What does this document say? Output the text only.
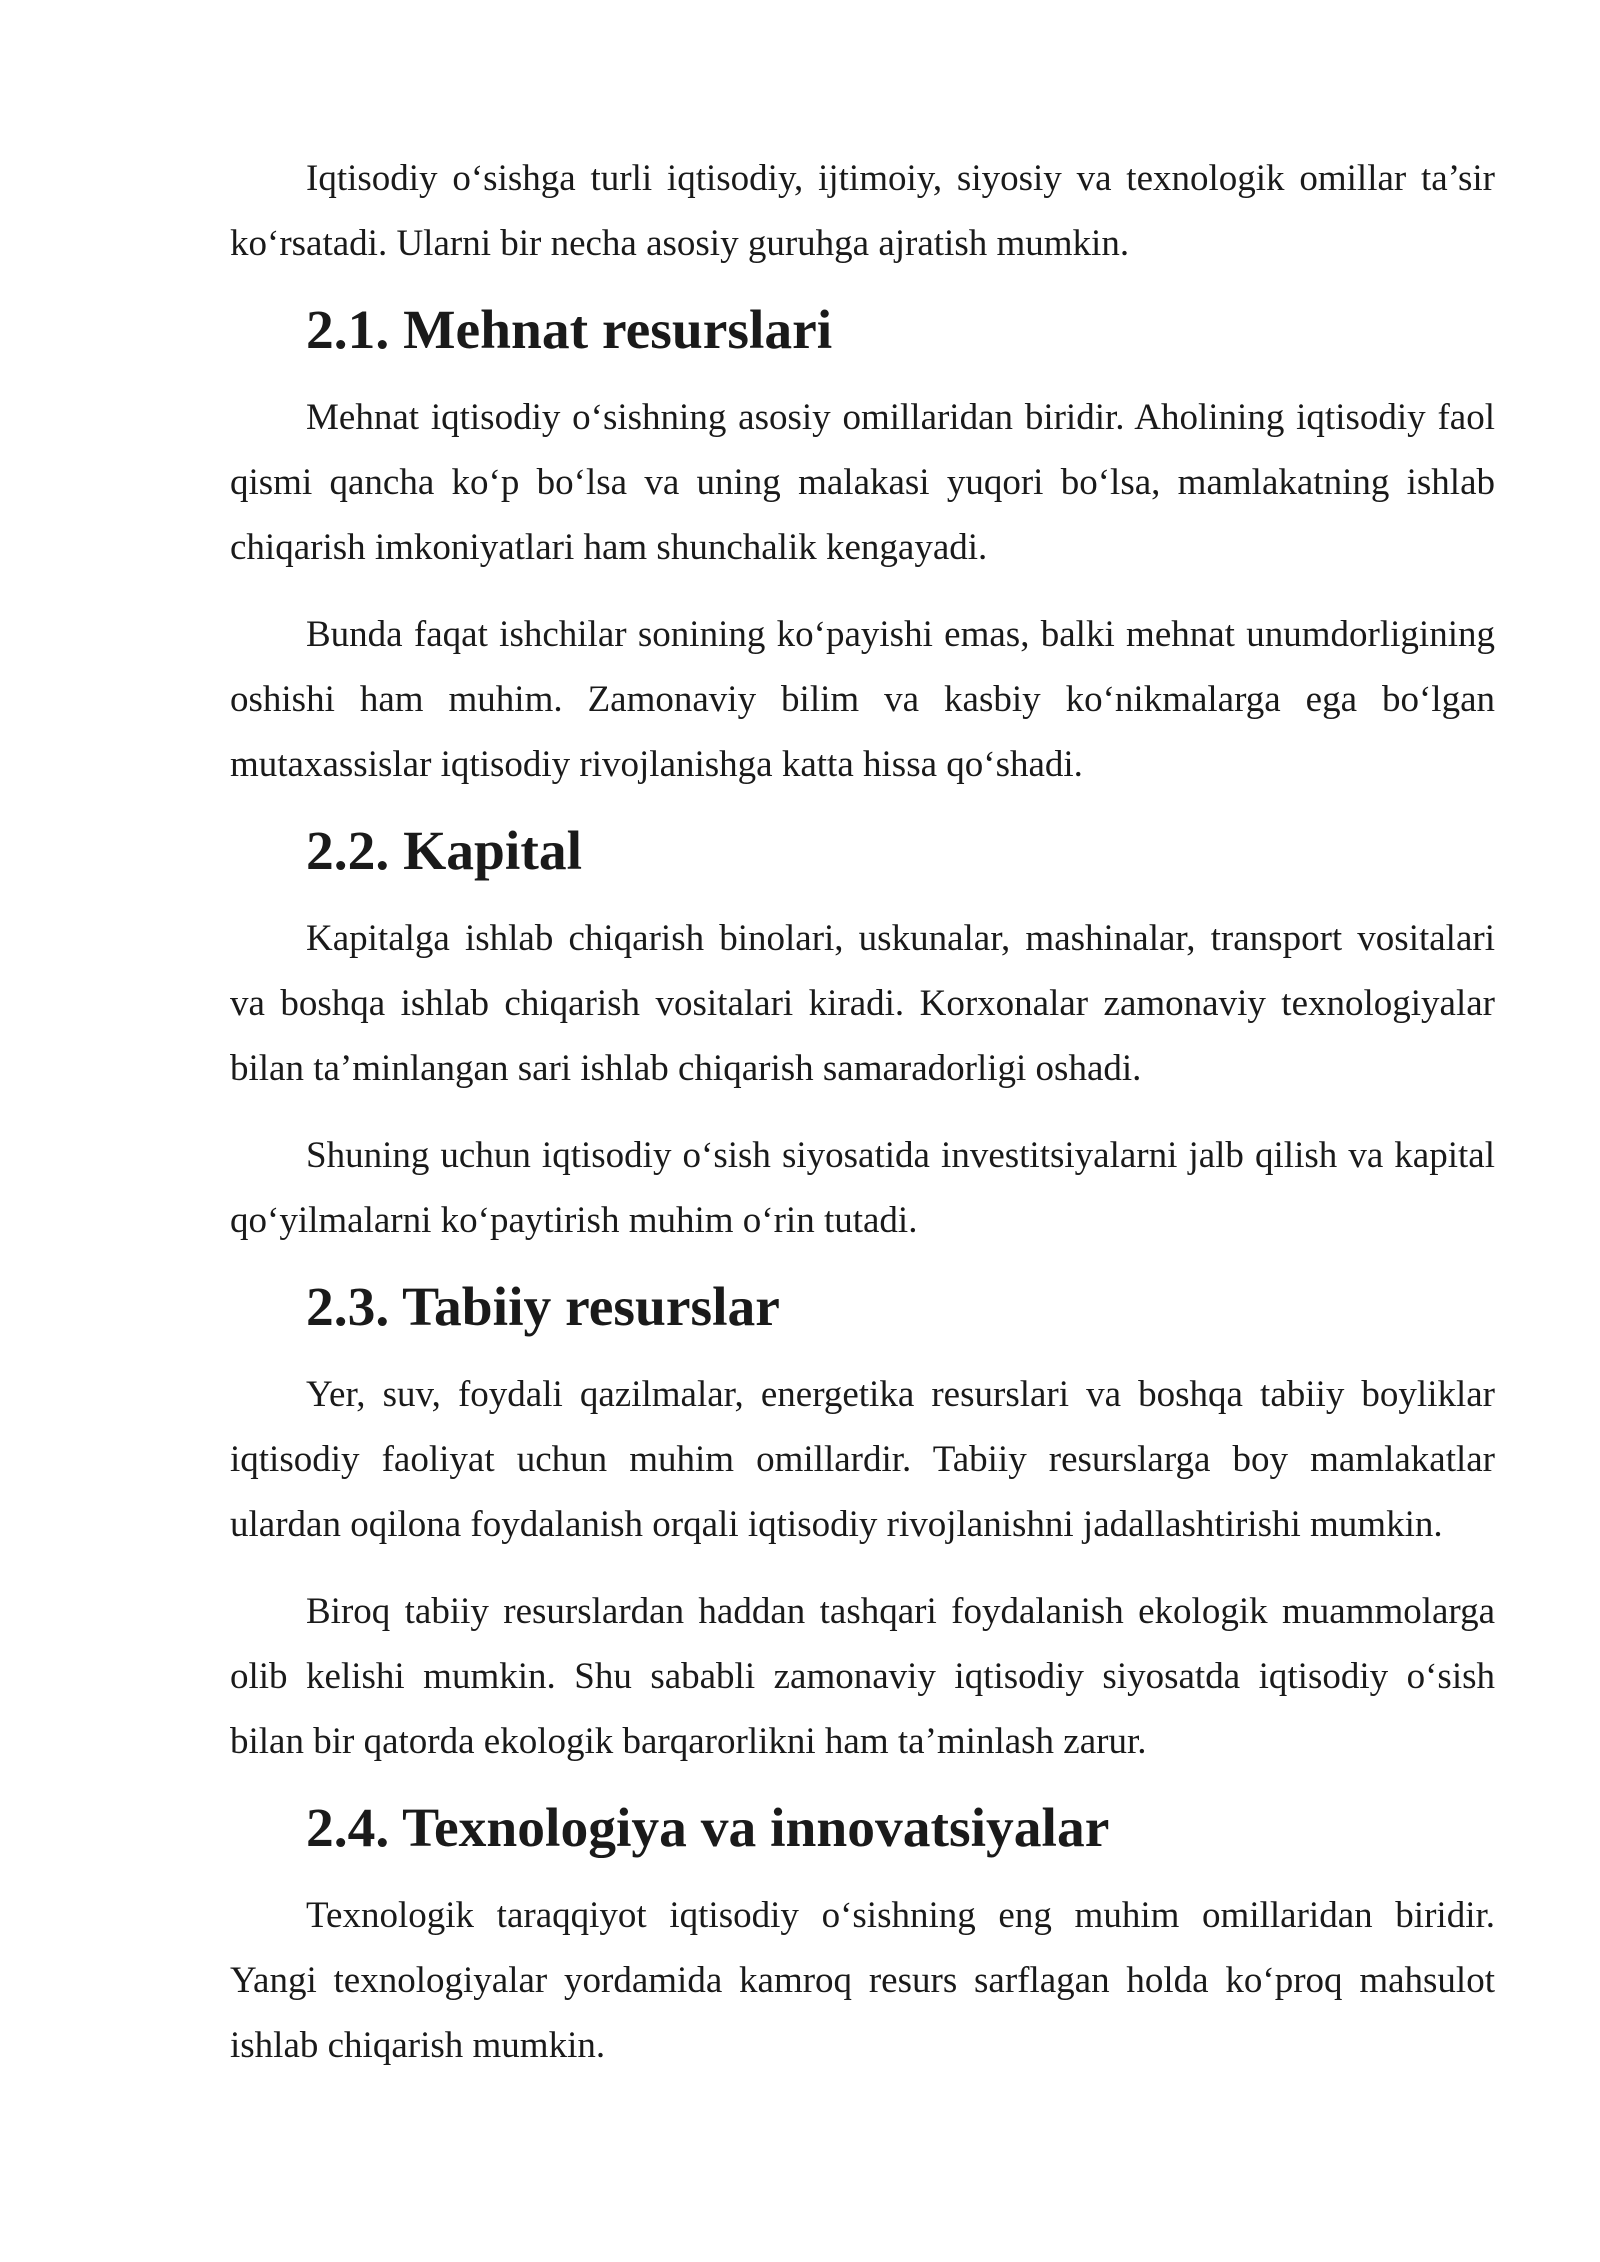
Iqtisodiy o‘sishga turli iqtisodiy, ijtimoiy, siyosiy va texnologik omillar ta’sir ko‘rsatadi. Ularni bir necha asosiy guruhga ajratish mumkin.

2.1. Mehnat resurslari

Mehnat iqtisodiy o‘sishning asosiy omillaridan biridir. Aholining iqtisodiy faol qismi qancha ko‘p bo‘lsa va uning malakasi yuqori bo‘lsa, mamlakatning ishlab chiqarish imkoniyatlari ham shunchalik kengayadi.

Bunda faqat ishchilar sonining ko‘payishi emas, balki mehnat unumdorligining oshishi ham muhim. Zamonaviy bilim va kasbiy ko‘nikmalarga ega bo‘lgan mutaxassislar iqtisodiy rivojlanishga katta hissa qo‘shadi.

2.2. Kapital

Kapitalga ishlab chiqarish binolari, uskunalar, mashinalar, transport vositalari va boshqa ishlab chiqarish vositalari kiradi. Korxonalar zamonaviy texnologiyalar bilan ta’minlangan sari ishlab chiqarish samaradorligi oshadi.

Shuning uchun iqtisodiy o‘sish siyosatida investitsiyalarni jalb qilish va kapital qo‘yilmalarni ko‘paytirish muhim o‘rin tutadi.

2.3. Tabiiy resurslar

Yer, suv, foydali qazilmalar, energetika resurslari va boshqa tabiiy boyliklar iqtisodiy faoliyat uchun muhim omillardir. Tabiiy resurslarga boy mamlakatlar ulardan oqilona foydalanish orqali iqtisodiy rivojlanishni jadallashtirishi mumkin.

Biroq tabiiy resurslardan haddan tashqari foydalanish ekologik muammolarga olib kelishi mumkin. Shu sababli zamonaviy iqtisodiy siyosatda iqtisodiy o‘sish bilan bir qatorda ekologik barqarorlikni ham ta’minlash zarur.

2.4. Texnologiya va innovatsiyalar

Texnologik taraqqiyot iqtisodiy o‘sishning eng muhim omillaridan biridir. Yangi texnologiyalar yordamida kamroq resurs sarflagan holda ko‘proq mahsulot ishlab chiqarish mumkin.
